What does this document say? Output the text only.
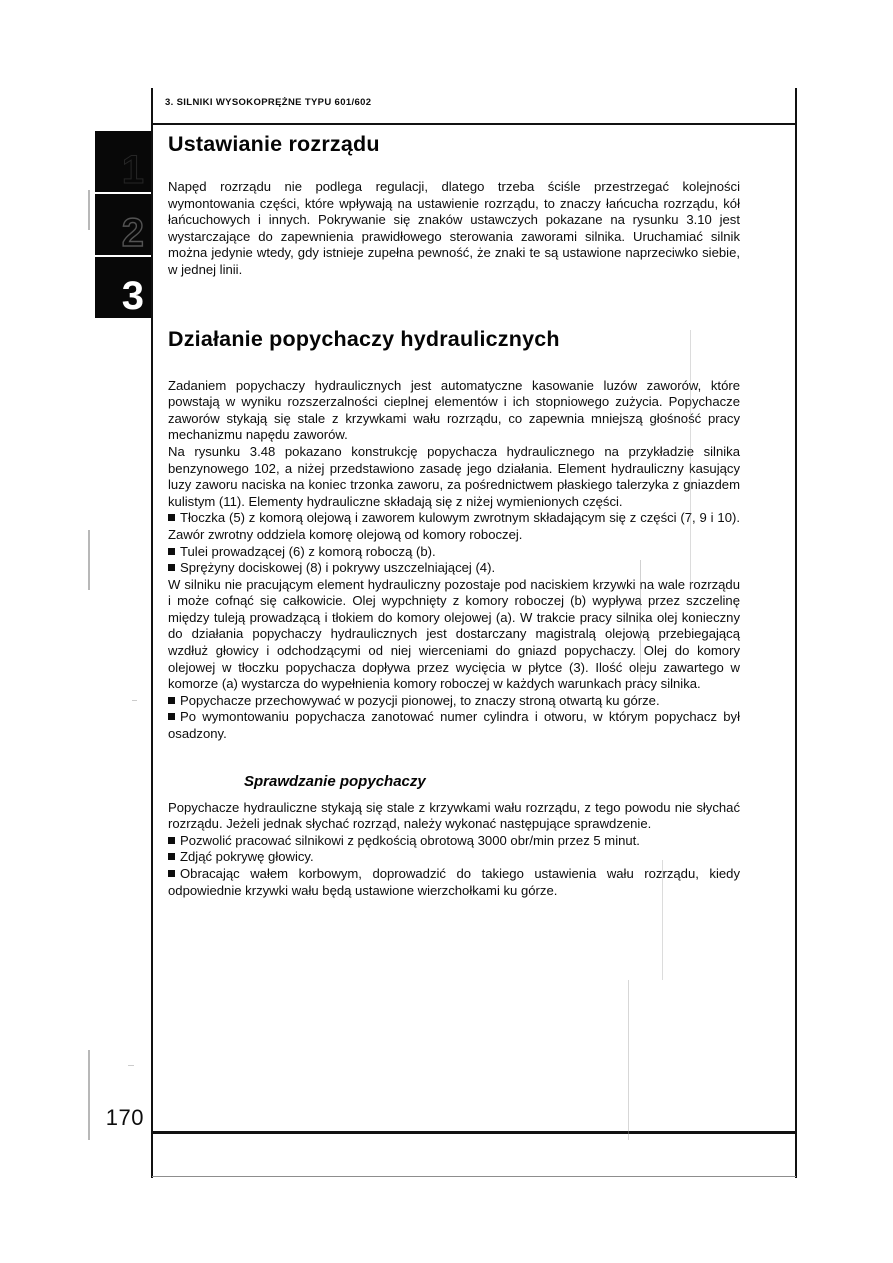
3. SILNIKI WYSOKOPRĘŻNE TYPU 601/602
1
2
3
170
Ustawianie rozrządu

Napęd rozrządu nie podlega regulacji, dlatego trzeba ściśle przestrzegać kolejności wymontowania części, które wpływają na ustawienie rozrządu, to znaczy łańcucha rozrządu, kół łańcuchowych i innych. Pokrywanie się znaków ustawczych pokazane na rysunku 3.10 jest wystarczające do zapewnienia prawidłowego sterowania zaworami silnika. Uruchamiać silnik można jedynie wtedy, gdy istnieje zupełna pewność, że znaki te są ustawione naprzeciwko siebie, w jednej linii.

Działanie popychaczy hydraulicznych

Zadaniem popychaczy hydraulicznych jest automatyczne kasowanie luzów zaworów, które powstają w wyniku rozszerzalności cieplnej elementów i ich stopniowego zużycia. Popychacze zaworów stykają się stale z krzywkami wału rozrządu, co zapewnia mniejszą głośność pracy mechanizmu napędu zaworów.

Na rysunku 3.48 pokazano konstrukcję popychacza hydraulicznego na przykładzie silnika benzynowego 102, a niżej przedstawiono zasadę jego działania. Element hydrauliczny kasujący luzy zaworu naciska na koniec trzonka zaworu, za pośrednictwem płaskiego talerzyka z gniazdem kulistym (11). Elementy hydrauliczne składają się z niżej wymienionych części.

Tłoczka (5) z komorą olejową i zaworem kulowym zwrotnym składającym się z części (7, 9 i 10). Zawór zwrotny oddziela komorę olejową od komory roboczej.

Tulei prowadzącej (6) z komorą roboczą (b).

Sprężyny dociskowej (8) i pokrywy uszczelniającej (4).

W silniku nie pracującym element hydrauliczny pozostaje pod naciskiem krzywki na wale rozrządu i może cofnąć się całkowicie. Olej wypchnięty z komory roboczej (b) wypływa przez szczelinę między tuleją prowadzącą i tłokiem do komory olejowej (a). W trakcie pracy silnika olej konieczny do działania popychaczy hydraulicznych jest dostarczany magistralą olejową przebiegającą wzdłuż głowicy i odchodzącymi od niej wierceniami do gniazd popychaczy. Olej do komory olejowej w tłoczku popychacza dopływa przez wycięcia w płytce (3). Ilość oleju zawartego w komorze (a) wystarcza do wypełnienia komory roboczej w każdych warunkach pracy silnika.

Popychacze przechowywać w pozycji pionowej, to znaczy stroną otwartą ku górze.

Po wymontowaniu popychacza zanotować numer cylindra i otworu, w którym popychacz był osadzony.

Sprawdzanie popychaczy

Popychacze hydrauliczne stykają się stale z krzywkami wału rozrządu, z tego powodu nie słychać rozrządu. Jeżeli jednak słychać rozrząd, należy wykonać następujące sprawdzenie.

Pozwolić pracować silnikowi z pędkością obrotową 3000 obr/min przez 5 minut.

Zdjąć pokrywę głowicy.

Obracając wałem korbowym, doprowadzić do takiego ustawienia wału rozrządu, kiedy odpowiednie krzywki wału będą ustawione wierzchołkami ku górze.
